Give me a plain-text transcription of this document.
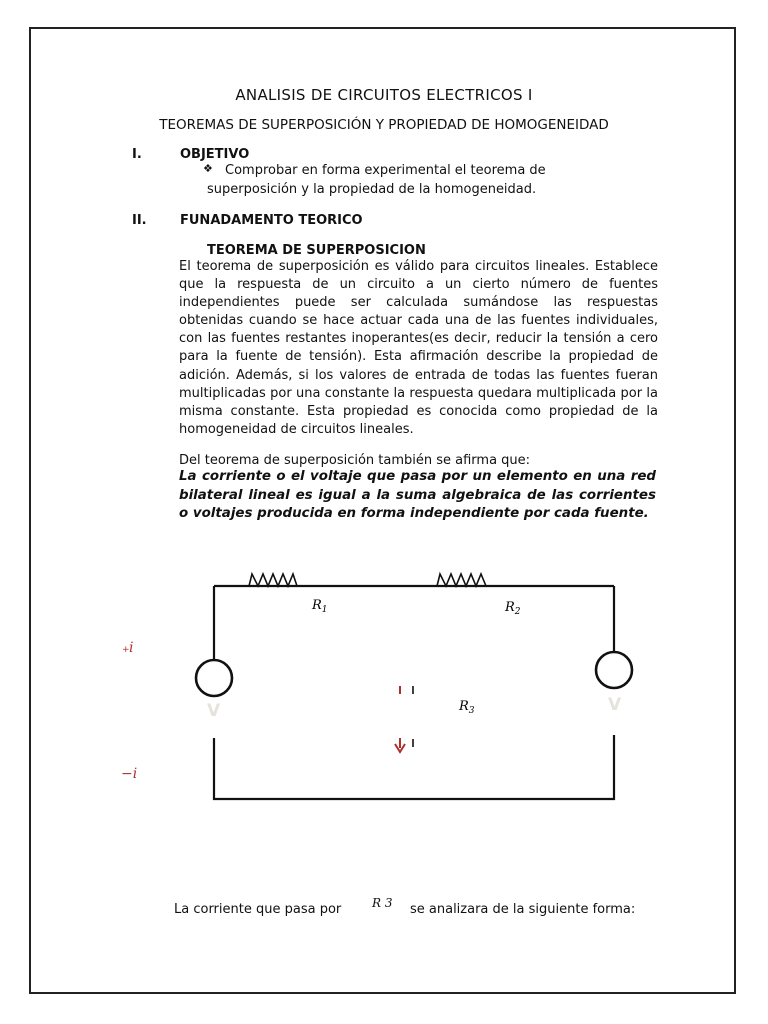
ANALISIS DE CIRCUITOS ELECTRICOS I
TEOREMAS DE SUPERPOSICIÓN Y PROPIEDAD DE HOMOGENEIDAD
I.	OBJETIVO
❖ Comprobar en forma experimental el teorema de superposición y la propiedad de la homogeneidad.
II.	FUNADAMENTO TEORICO
TEOREMA DE SUPERPOSICION
El teorema de superposición es válido para circuitos lineales. Establece que la respuesta de un circuito a un cierto número de fuentes independientes puede ser calculada sumándose las respuestas obtenidas cuando se hace actuar cada una de las fuentes individuales, con las fuentes restantes inoperantes(es decir, reducir la tensión a cero para la fuente de tensión). Esta afirmación describe la propiedad de adición. Además, si los valores de entrada de todas las fuentes fueran multiplicadas por una constante la respuesta quedara multiplicada por la misma constante. Esta propiedad es conocida como propiedad de la homogeneidad de circuitos lineales.
Del teorema de superposición también se afirma que:
La corriente o el voltaje que pasa por un elemento en una red bilateral lineal es igual a la suma algebraica de las corrientes o voltajes producida en forma independiente por cada fuente.
$R_1$	$R_2$
$R_3$
V	V
+ i
−i
La corriente que pasa por	R 3 se analizara de la siguiente forma:
